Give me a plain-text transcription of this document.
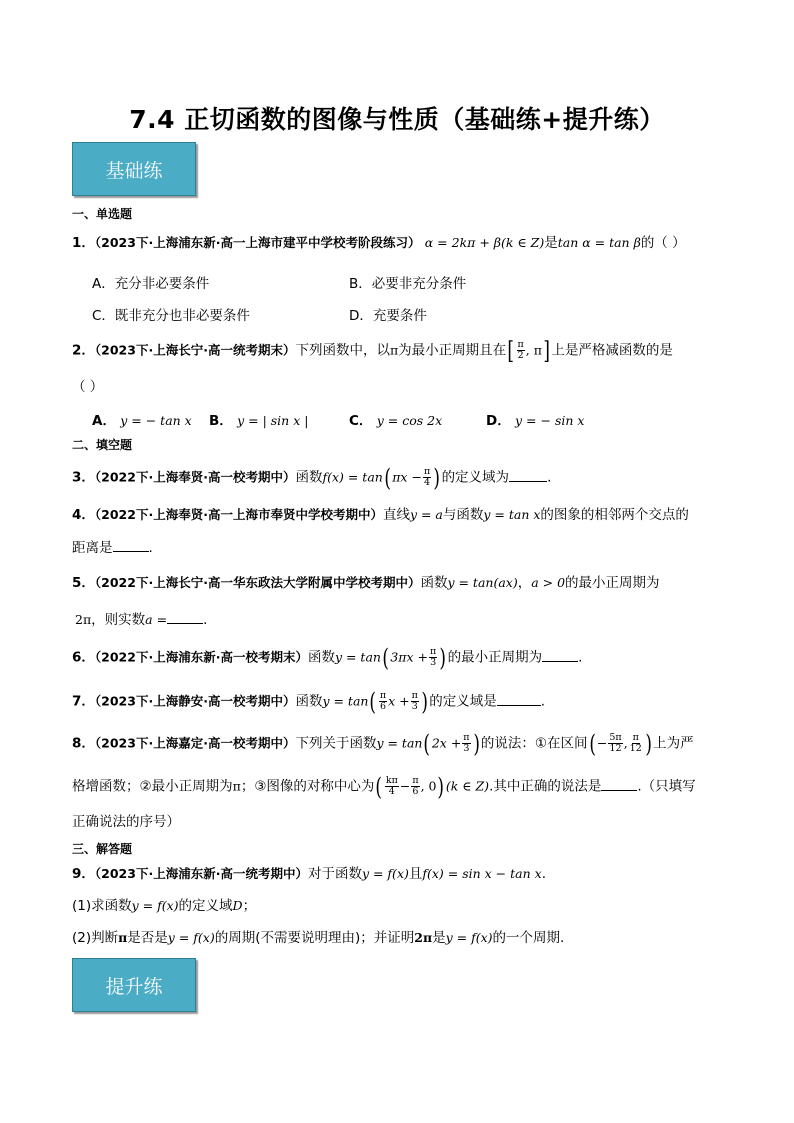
7.4 正切函数的图像与性质（基础练+提升练）
基础练
一、单选题
1．（2023下·上海浦东新·高一上海市建平中学校考阶段练习） α = 2kπ + β(k ∈ Z)是tan α = tan β的（ ）
A．充分非必要条件	B．必要非充分条件
C．既非充分也非必要条件	D．充要条件
2．（2023下·上海长宁·高一统考期末）下列函数中，以π为最小正周期且在[ $\frac{\pi}{2}$ , π]上是严格减函数的是
（ ）
A． y = − tan x B． y = | sin x |	C． y = cos 2x	D． y = − sin x
二、填空题
3．（2022下·上海奉贤·高一校考期中）函数$f(x) = \tan(\pi x - \frac{\pi}{4}$ )的定义域为	.
4．（2022下·上海奉贤·高一上海市奉贤中学校考期中）直线y = a与函数y = tan x的图象的相邻两个交点的
距离是	.
5．（2022下·上海长宁·高一华东政法大学附属中学校考期中）函数y = tan(ax)，a > 0的最小正周期为
2π，则实数a =	.
6．（2022下·上海浦东新·高一校考期末）函数$y = \tan(3\pi x + \frac{\pi}{3}$ )的最小正周期为	.
7．（2023下·上海静安·高一校考期中）函数$y = \tan( \frac{\pi}{6}$ $x + \frac{\pi}{3}$ )的定义域是	.
8．（2023下·上海嘉定·高一校考期中）下列关于函数$y = \tan(2x + \frac{\pi}{3}$ )的说法：①在区间(− $\frac{5\pi}{12}$ , $\frac{\pi}{12}$ )上为严
格增函数；②最小正周期为π；③图像的对称中心为( $\frac{k\pi}{4} - \frac{\pi}{6}$ , 0)(k ∈ Z).其中正确的说法是	.（只填写
正确说法的序号）
三、解答题
9．（2023下·上海浦东新·高一统考期中）对于函数y = f(x)且f(x) = sin x − tan x.
(1)求函数y = f(x)的定义域D；
(2)判断π是否是y = f(x)的周期(不需要说明理由)；并证明2π是y = f(x)的一个周期.
提升练
